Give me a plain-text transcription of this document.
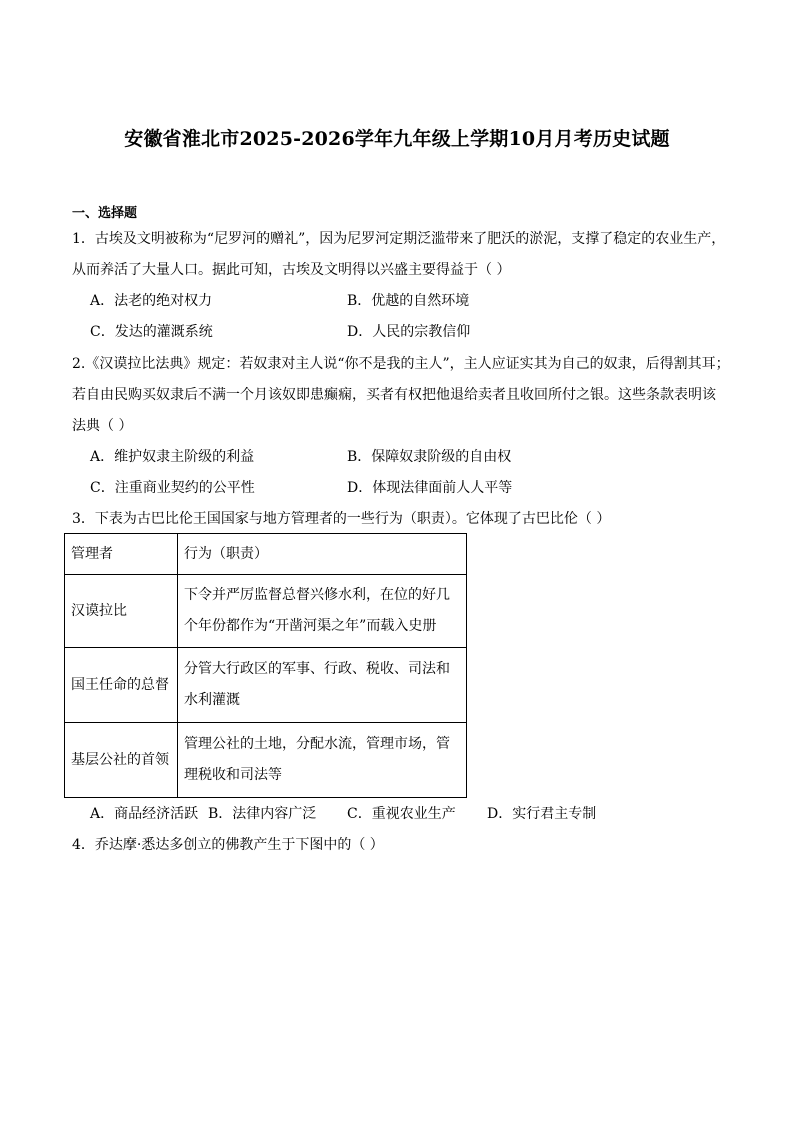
安徽省淮北市2025-2026学年九年级上学期10月月考历史试题
一、选择题
1．古埃及文明被称为“尼罗河的赠礼”，因为尼罗河定期泛滥带来了肥沃的淤泥，支撑了稳定的农业生产，
从而养活了大量人口。据此可知，古埃及文明得以兴盛主要得益于（ ）
A．法老的绝对权力	B．优越的自然环境
C．发达的灌溉系统	D．人民的宗教信仰
2.《汉谟拉比法典》规定：若奴隶对主人说“你不是我的主人”，主人应证实其为自己的奴隶，后得割其耳；
若自由民购买奴隶后不满一个月该奴即患癫痫，买者有权把他退给卖者且收回所付之银。这些条款表明该
法典（ ）
A．维护奴隶主阶级的利益	B．保障奴隶阶级的自由权
C．注重商业契约的公平性	D．体现法律面前人人平等
3．下表为古巴比伦王国国家与地方管理者的一些行为（职责）。它体现了古巴比伦（ ）
管理者	行为（职责）
汉谟拉比	下令并严厉监督总督兴修水利，在位的好几个年份都作为“开凿河渠之年”而载入史册
国王任命的总督	分管大行政区的军事、行政、税收、司法和水利灌溉
基层公社的首领	管理公社的土地，分配水流，管理市场，管理税收和司法等
A．商品经济活跃 B．法律内容广泛 C．重视农业生产 D．实行君主专制
4．乔达摩·悉达多创立的佛教产生于下图中的（ ）
